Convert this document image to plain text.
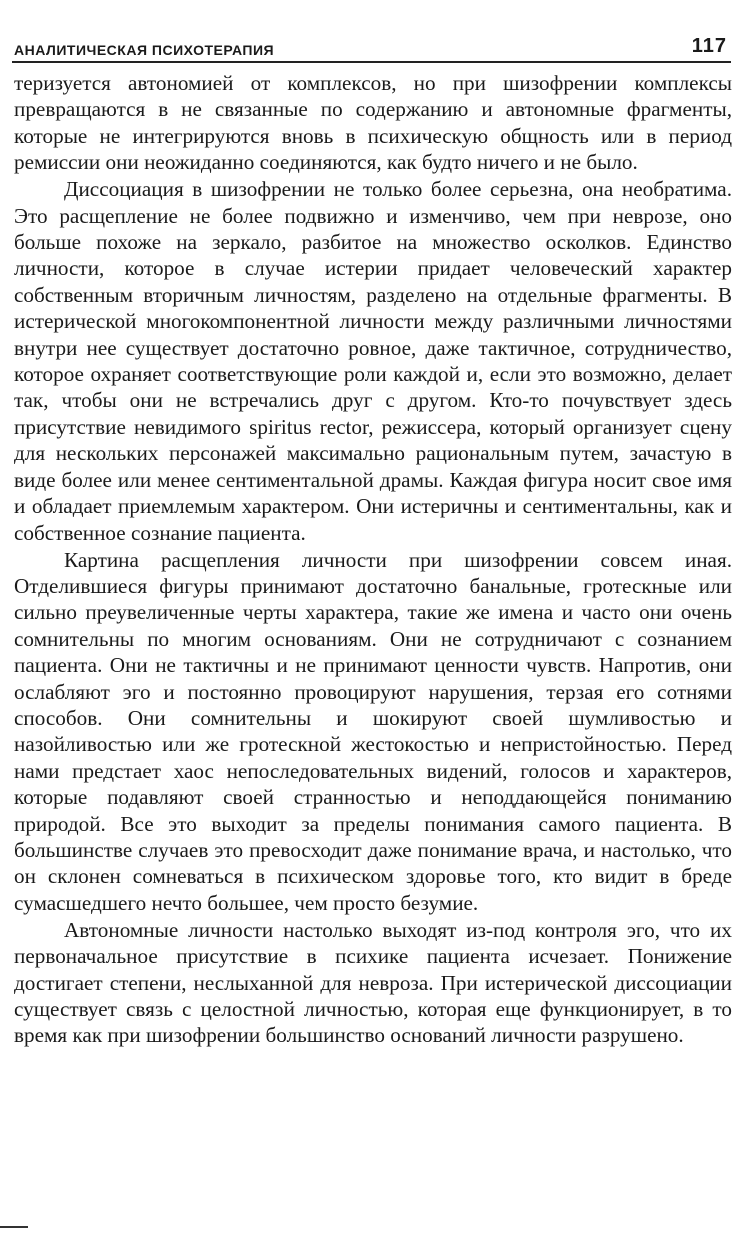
АНАЛИТИЧЕСКАЯ ПСИХОТЕРАПИЯ	117

теризуется автономией от комплексов, но при шизофрении комплексы превращаются в не связанные по содержанию и автономные фрагменты, которые не интегрируются вновь в психическую общность или в период ремиссии они неожиданно соединяются, как будто ничего и не было.

Диссоциация в шизофрении не только более серьезна, она необратима. Это расщепление не более подвижно и изменчиво, чем при неврозе, оно больше похоже на зеркало, разбитое на множество осколков. Единство личности, которое в случае истерии придает человеческий характер собственным вторичным личностям, разделено на отдельные фрагменты. В истерической многокомпонентной личности между различными личностями внутри нее существует достаточно ровное, даже тактичное, сотрудничество, которое охраняет соответствующие роли каждой и, если это возможно, делает так, чтобы они не встречались друг с другом. Кто-то почувствует здесь присутствие невидимого spiritus rector, режиссера, который организует сцену для нескольких персонажей максимально рациональным путем, зачастую в виде более или менее сентиментальной драмы. Каждая фигура носит свое имя и обладает приемлемым характером. Они истеричны и сентиментальны, как и собственное сознание пациента.

Картина расщепления личности при шизофрении совсем иная. Отделившиеся фигуры принимают достаточно банальные, гротескные или сильно преувеличенные черты характера, такие же имена и часто они очень сомнительны по многим основаниям. Они не сотрудничают с сознанием пациента. Они не тактичны и не принимают ценности чувств. Напротив, они ослабляют эго и постоянно провоцируют нарушения, терзая его сотнями способов. Они сомнительны и шокируют своей шумливостью и назойливостью или же гротескной жестокостью и непристойностью. Перед нами предстает хаос непоследовательных видений, голосов и характеров, которые подавляют своей странностью и неподдающейся пониманию природой. Все это выходит за пределы понимания самого пациента. В большинстве случаев это превосходит даже понимание врача, и настолько, что он склонен сомневаться в психическом здоровье того, кто видит в бреде сумасшедшего нечто большее, чем просто безумие.

Автономные личности настолько выходят из-под контроля эго, что их первоначальное присутствие в психике пациента исчезает. Понижение достигает степени, неслыханной для невроза. При истерической диссоциации существует связь с целостной личностью, которая еще функционирует, в то время как при шизофрении большинство оснований личности разрушено.
